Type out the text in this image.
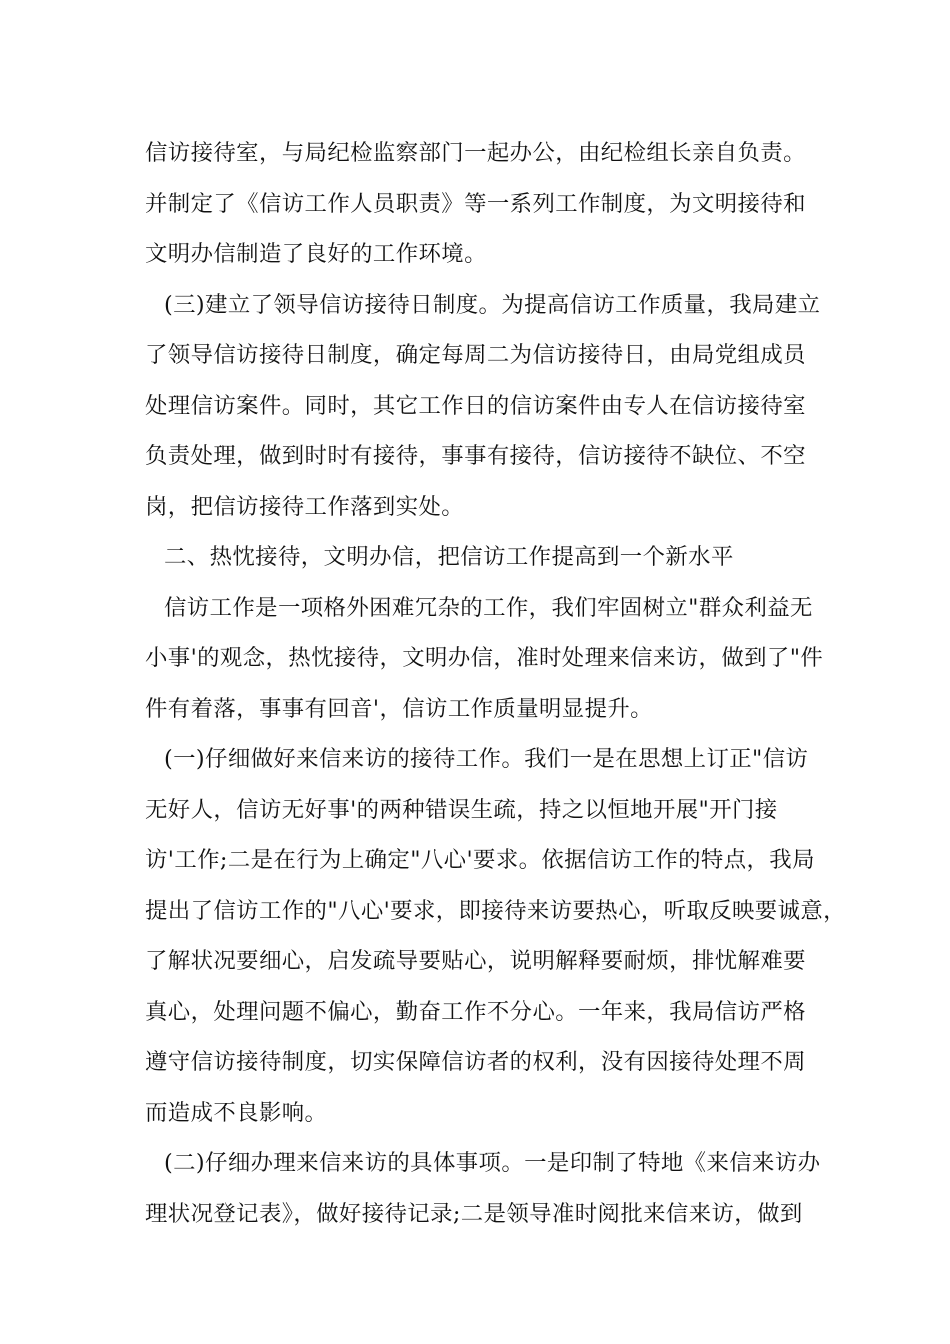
信访接待室，与局纪检监察部门一起办公，由纪检组长亲自负责。
并制定了《信访工作人员职责》等一系列工作制度，为文明接待和
文明办信制造了良好的工作环境。
(三)建立了领导信访接待日制度。为提高信访工作质量，我局建立
了领导信访接待日制度，确定每周二为信访接待日，由局党组成员
处理信访案件。同时，其它工作日的信访案件由专人在信访接待室
负责处理，做到时时有接待，事事有接待，信访接待不缺位、不空
岗，把信访接待工作落到实处。
二、热忱接待，文明办信，把信访工作提高到一个新水平
信访工作是一项格外困难冗杂的工作，我们牢固树立"群众利益无
小事'的观念，热忱接待，文明办信，准时处理来信来访，做到了"件
件有着落，事事有回音'，信访工作质量明显提升。
(一)仔细做好来信来访的接待工作。我们一是在思想上订正"信访
无好人，信访无好事'的两种错误生疏，持之以恒地开展"开门接
访'工作;二是在行为上确定"八心'要求。依据信访工作的特点，我局
提出了信访工作的"八心'要求，即接待来访要热心，听取反映要诚意，
了解状况要细心，启发疏导要贴心，说明解释要耐烦，排忧解难要
真心，处理问题不偏心，勤奋工作不分心。一年来，我局信访严格
遵守信访接待制度，切实保障信访者的权利，没有因接待处理不周
而造成不良影响。
(二)仔细办理来信来访的具体事项。一是印制了特地《来信来访办
理状况登记表》，做好接待记录;二是领导准时阅批来信来访，做到
